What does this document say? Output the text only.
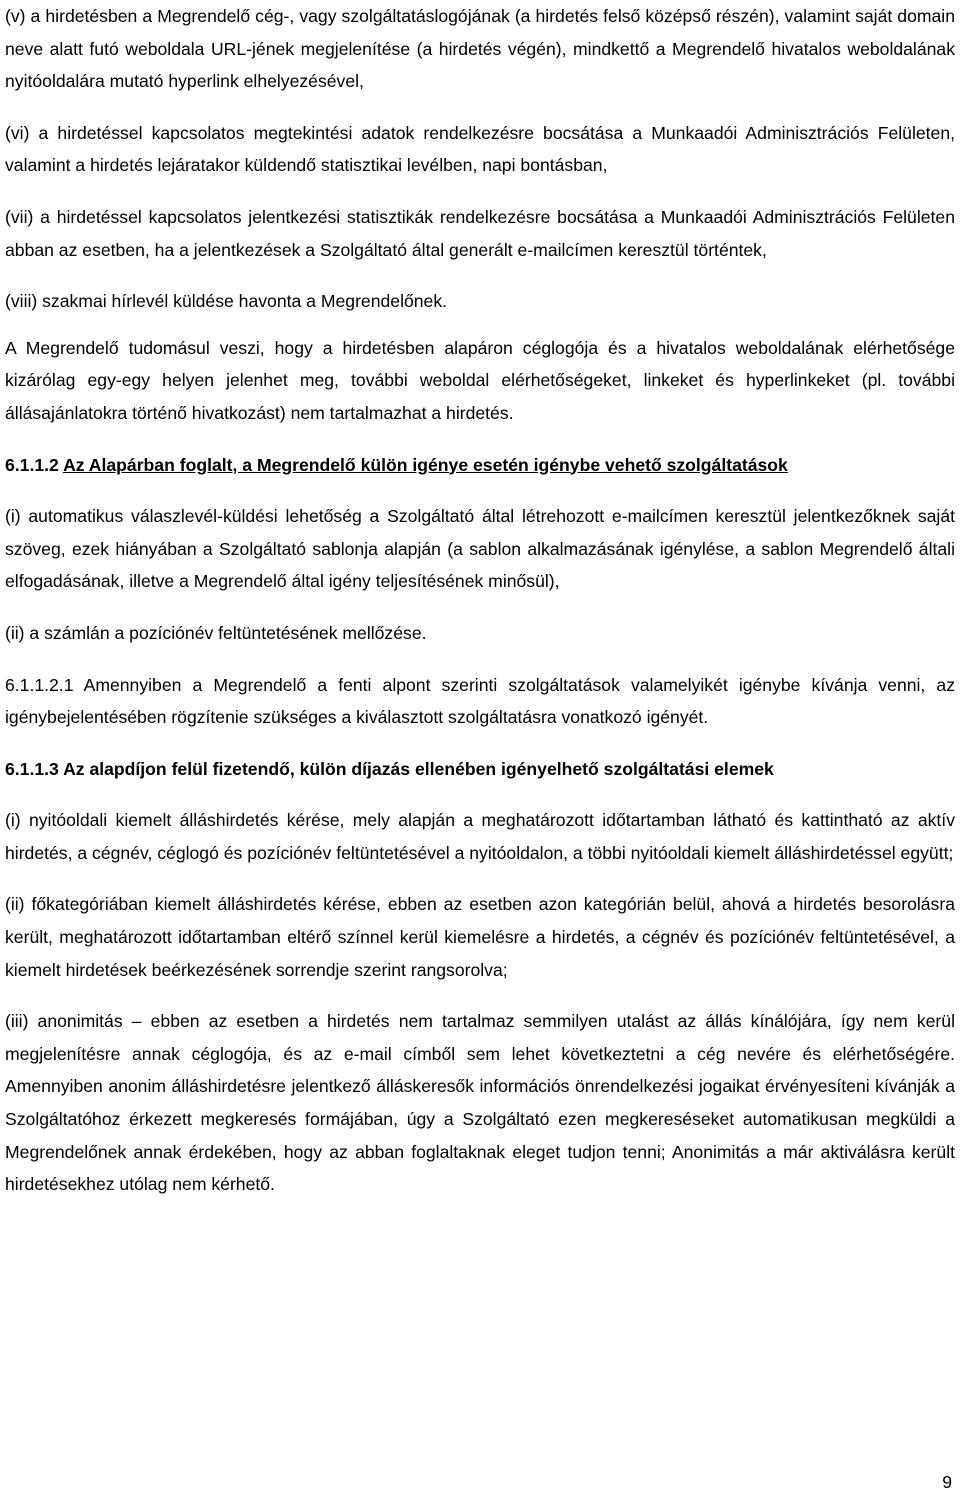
(v) a hirdetésben a Megrendelő cég-, vagy szolgáltatáslogójának (a hirdetés felső középső részén), valamint saját domain neve alatt futó weboldala URL-jének megjelenítése (a hirdetés végén), mindkettő a Megrendelő hivatalos weboldalának nyitóoldalára mutató hyperlink elhelyezésével,

(vi) a hirdetéssel kapcsolatos megtekintési adatok rendelkezésre bocsátása a Munkaadói Adminisztrációs Felületen, valamint a hirdetés lejáratakor küldendő statisztikai levélben, napi bontásban,

(vii) a hirdetéssel kapcsolatos jelentkezési statisztikák rendelkezésre bocsátása a Munkaadói Adminisztrációs Felületen abban az esetben, ha a jelentkezések a Szolgáltató által generált e-mailcímen keresztül történtek,

(viii) szakmai hírlevél küldése havonta a Megrendelőnek.

A Megrendelő tudomásul veszi, hogy a hirdetésben alapáron céglogója és a hivatalos weboldalának elérhetősége kizárólag egy-egy helyen jelenhet meg, további weboldal elérhetőségeket, linkeket és hyperlinkeket (pl. további állásajánlatokra történő hivatkozást) nem tartalmazhat a hirdetés.

6.1.1.2 Az Alapárban foglalt, a Megrendelő külön igénye esetén igénybe vehető szolgáltatások

(i) automatikus válaszlevél-küldési lehetőség a Szolgáltató által létrehozott e-mailcímen keresztül jelentkezőknek saját szöveg, ezek hiányában a Szolgáltató sablonja alapján (a sablon alkalmazásának igénylése, a sablon Megrendelő általi elfogadásának, illetve a Megrendelő által igény teljesítésének minősül),

(ii) a számlán a pozíciónév feltüntetésének mellőzése.

6.1.1.2.1 Amennyiben a Megrendelő a fenti alpont szerinti szolgáltatások valamelyikét igénybe kívánja venni, az igénybejelentésében rögzítenie szükséges a kiválasztott szolgáltatásra vonatkozó igényét.

6.1.1.3 Az alapdíjon felül fizetendő, külön díjazás ellenében igényelhető szolgáltatási elemek

(i) nyitóoldali kiemelt álláshirdetés kérése, mely alapján a meghatározott időtartamban látható és kattintható az aktív hirdetés, a cégnév, céglogó és pozíciónév feltüntetésével a nyitóoldalon, a többi nyitóoldali kiemelt álláshirdetéssel együtt;

(ii) főkategóriában kiemelt álláshirdetés kérése, ebben az esetben azon kategórián belül, ahová a hirdetés besorolásra került, meghatározott időtartamban eltérő színnel kerül kiemelésre a hirdetés, a cégnév és pozíciónév feltüntetésével, a kiemelt hirdetések beérkezésének sorrendje szerint rangsorolva;

(iii) anonimitás – ebben az esetben a hirdetés nem tartalmaz semmilyen utalást az állás kínálójára, így nem kerül megjelenítésre annak céglogója, és az e-mail címből sem lehet következtetni a cég nevére és elérhetőségére. Amennyiben anonim álláshirdetésre jelentkező álláskeresők információs önrendelkezési jogaikat érvényesíteni kívánják a Szolgáltatóhoz érkezett megkeresés formájában, úgy a Szolgáltató ezen megkereséseket automatikusan megküldi a Megrendelőnek annak érdekében, hogy az abban foglaltaknak eleget tudjon tenni; Anonimitás a már aktiválásra került hirdetésekhez utólag nem kérhető.

9
